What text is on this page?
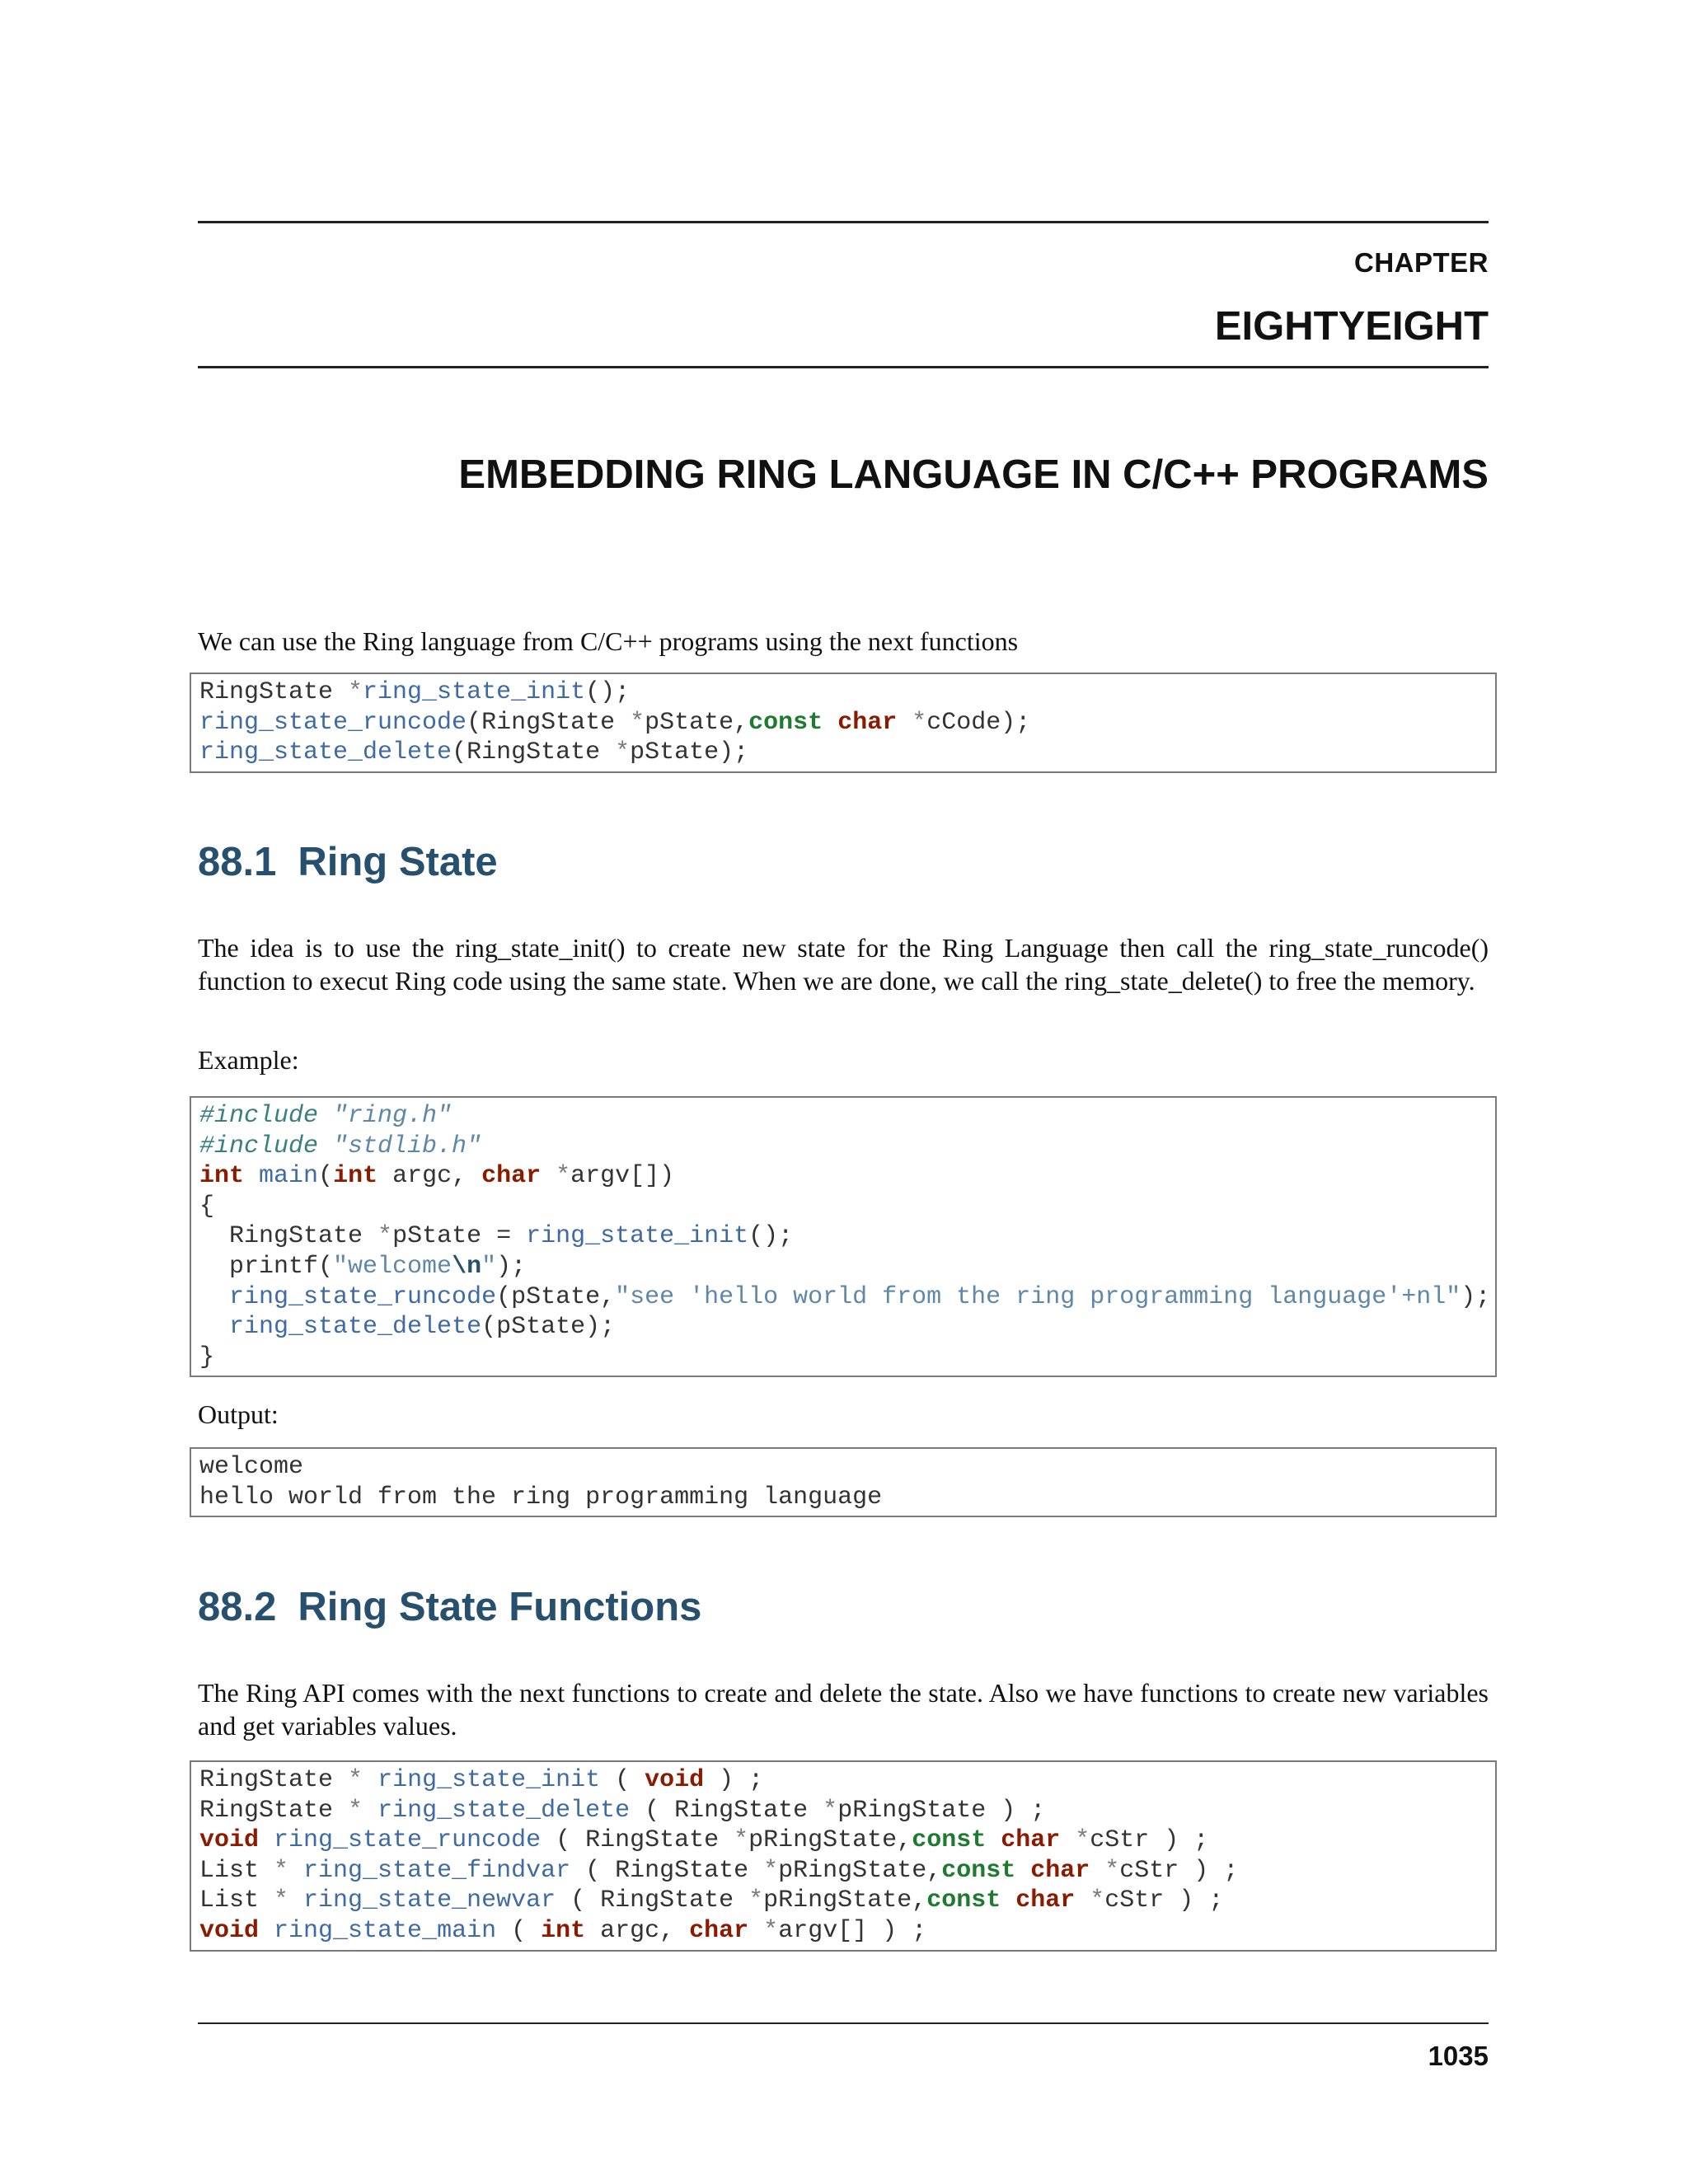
CHAPTER
EIGHTYEIGHT
EMBEDDING RING LANGUAGE IN C/C++ PROGRAMS
We can use the Ring language from C/C++ programs using the next functions
RingState *ring_state_init();
ring_state_runcode(RingState *pState,const char *cCode);
ring_state_delete(RingState *pState);
88.1 Ring State
The idea is to use the ring_state_init() to create new state for the Ring Language then call the ring_state_runcode() function to execut Ring code using the same state. When we are done, we call the ring_state_delete() to free the memory.
Example:
#include "ring.h"
#include "stdlib.h"
int main(int argc, char *argv[])
{
RingState *pState = ring_state_init();
printf("welcome\n");
ring_state_runcode(pState,"see 'hello world from the ring programming language'+nl");
ring_state_delete(pState);
}
Output:
welcome
hello world from the ring programming language
88.2 Ring State Functions
The Ring API comes with the next functions to create and delete the state. Also we have functions to create new variables and get variables values.
RingState * ring_state_init ( void ) ;
RingState * ring_state_delete ( RingState *pRingState ) ;
void ring_state_runcode ( RingState *pRingState,const char *cStr ) ;
List * ring_state_findvar ( RingState *pRingState,const char *cStr ) ;
List * ring_state_newvar ( RingState *pRingState,const char *cStr ) ;
void ring_state_main ( int argc, char *argv[] ) ;
1035
